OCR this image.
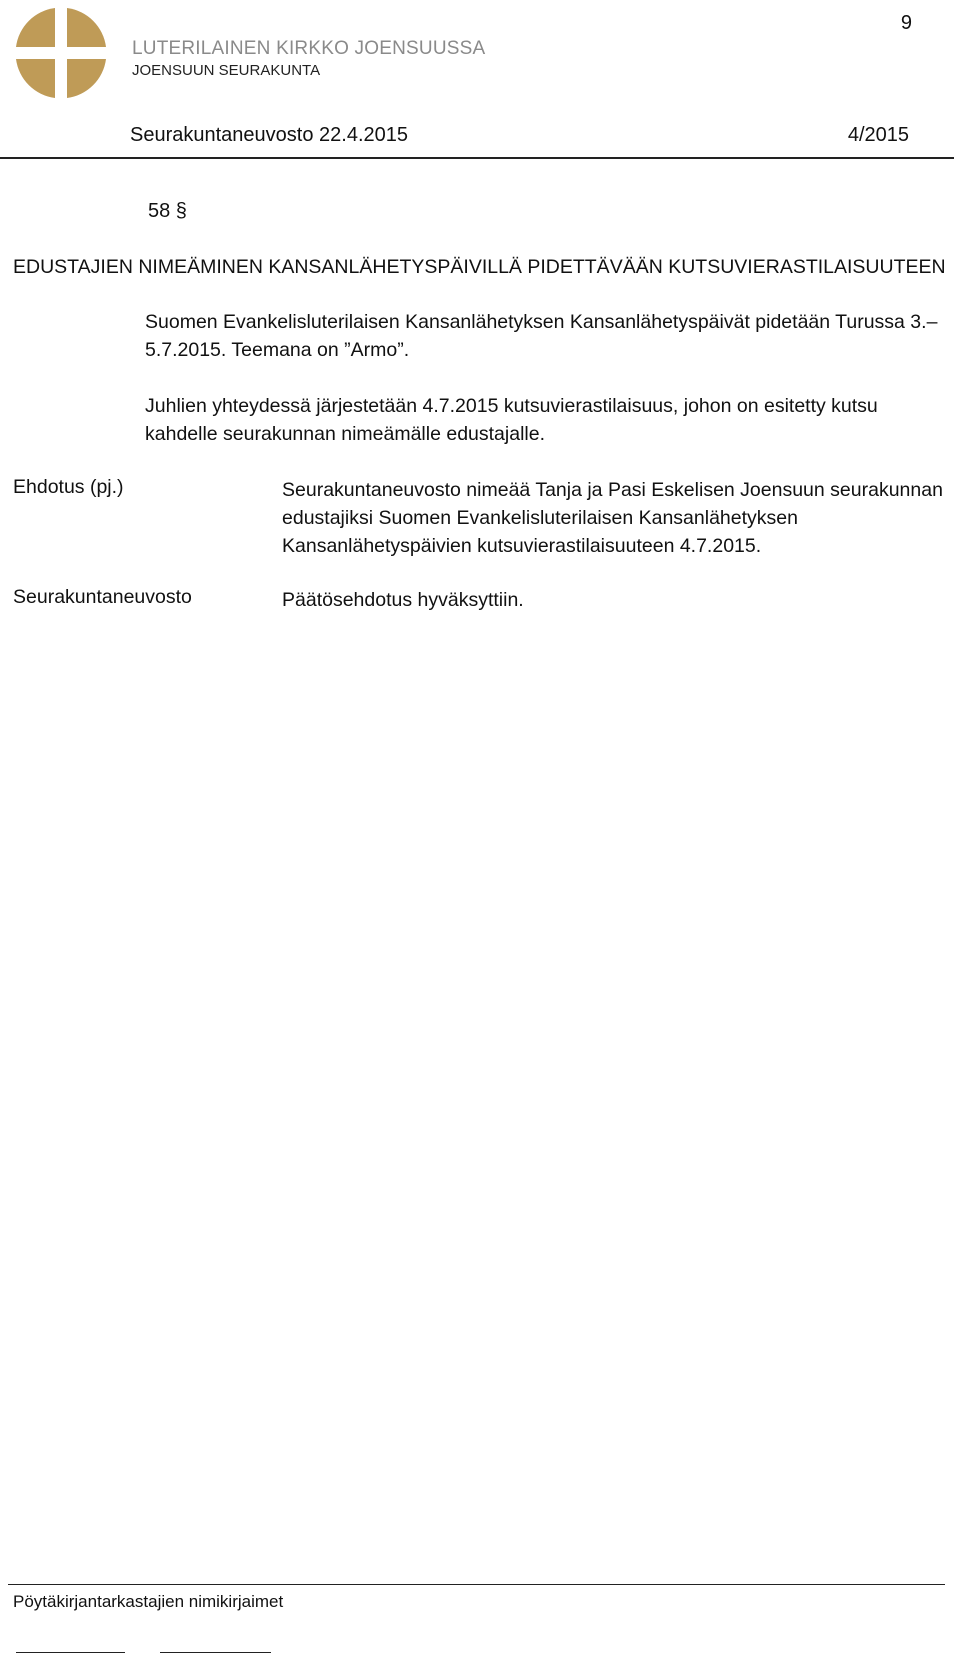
9
LUTERILAINEN KIRKKO JOENSUUSSA
JOENSUUN SEURAKUNTA
Seurakuntaneuvosto 22.4.2015	4/2015
58 §
EDUSTAJIEN NIMEÄMINEN KANSANLÄHETYSPÄIVILLÄ PIDETTÄVÄÄN KUTSUVIERASTILAISUUTEEN
Suomen Evankelisluterilaisen Kansanlähetyksen Kansanlähetyspäivät pidetään Turussa 3.–5.7.2015. Teemana on ”Armo”.
Juhlien yhteydessä järjestetään 4.7.2015 kutsuvierastilaisuus, johon on esitetty kutsu kahdelle seurakunnan nimeämälle edustajalle.
Ehdotus (pj.)	Seurakuntaneuvosto nimeää Tanja ja Pasi Eskelisen Joensuun seurakunnan edustajiksi Suomen Evankelisluterilaisen Kansanlähetyksen Kansanlähetyspäivien kutsuvierastilaisuuteen 4.7.2015.
Seurakuntaneuvosto	Päätösehdotus hyväksyttiin.
Pöytäkirjantarkastajien nimikirjaimet
